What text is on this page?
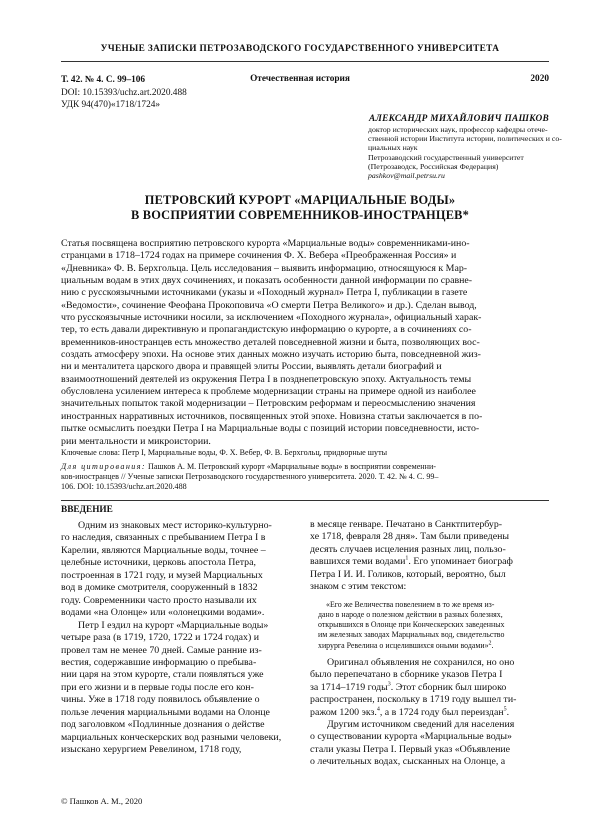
УЧЕНЫЕ ЗАПИСКИ ПЕТРОЗАВОДСКОГО ГОСУДАРСТВЕННОГО УНИВЕРСИТЕТА
Т. 42. № 4. С. 99–106	Отечественная история	2020
DOI: 10.15393/uchz.art.2020.488
УДК 94(470)«1718/1724»
АЛЕКСАНДР МИХАЙЛОВИЧ ПАШКОВ
доктор исторических наук, профессор кафедры отече-
ственной истории Института истории, политических и со-
циальных наук
Петрозаводский государственный университет
(Петрозаводск, Российская Федерация)
pashkov@mail.petrsu.ru
ПЕТРОВСКИЙ КУРОРТ «МАРЦИАЛЬНЫЕ ВОДЫ»
В ВОСПРИЯТИИ СОВРЕМЕННИКОВ-ИНОСТРАНЦЕВ*
Статья посвящена восприятию петровского курорта «Марциальные воды» современниками-ино-
странцами в 1718–1724 годах на примере сочинения Ф. Х. Вебера «Преображенная Россия» и
«Дневника» Ф. В. Берхгольца. Цель исследования – выявить информацию, относящуюся к Мар-
циальным водам в этих двух сочинениях, и показать особенности данной информации по сравне-
нию с русскоязычными источниками (указы и «Походный журнал» Петра I, публикации в газете
«Ведомости», сочинение Феофана Прокоповича «О смерти Петра Великого» и др.). Сделан вывод,
что русскоязычные источники носили, за исключением «Походного журнала», официальный харак-
тер, то есть давали директивную и пропагандистскую информацию о курорте, а в сочинениях со-
временников-иностранцев есть множество деталей повседневной жизни и быта, позволяющих вос-
создать атмосферу эпохи. На основе этих данных можно изучать историю быта, повседневной жиз-
ни и менталитета царского двора и правящей элиты России, выявлять детали биографий и
взаимоотношений деятелей из окружения Петра I в позднепетровскую эпоху. Актуальность темы
обусловлена усилением интереса к проблеме модернизации страны на примере одной из наиболее
значительных попыток такой модернизации – Петровским реформам и переосмыслению значения
иностранных нарративных источников, посвященных этой эпохе. Новизна статьи заключается в по-
пытке осмыслить поездки Петра I на Марциальные воды с позиций истории повседневности, исто-
рии ментальности и микроистории.
Ключевые слова: Петр I, Марциальные воды, Ф. Х. Вебер, Ф. В. Берхгольц, придворные шуты
Для цитирования: Пашков А. М. Петровский курорт «Марциальные воды» в восприятии современни-
ков-иностранцев // Ученые записки Петрозаводского государственного университета. 2020. Т. 42. № 4. С. 99–
106. DOI: 10.15393/uchz.art.2020.488
ВВЕДЕНИЕ
Одним из знаковых мест историко-культурно-
го наследия, связанных с пребыванием Петра I в
Карелии, являются Марциальные воды, точнее –
целебные источники, церковь апостола Петра,
построенная в 1721 году, и музей Марциальных
вод в домике смотрителя, сооруженный в 1832
году. Современники часто просто называли их
водами «на Олонце» или «олонецкими водами».
Петр I ездил на курорт «Марциальные воды»
четыре раза (в 1719, 1720, 1722 и 1724 годах) и
провел там не менее 70 дней. Самые ранние из-
вестия, содержавшие информацию о пребыва-
нии царя на этом курорте, стали появляться уже
при его жизни и в первые годы после его кон-
чины. Уже в 1718 году появилось объявление о
пользе лечения марциальными водами на Олонце
под заголовком «Подлинные дознания о действе
марциальных конческерских вод разными человеки, изыскано херургием Ревелином, 1718 году,
в месяце генваре. Печатано в Санктпитербур-
хе 1718, февраля 28 дня». Там были приведены
десять случаев исцеления разных лиц, пользо-
вавшихся теми водами$^1$. Его упоминает биограф
Петра I И. И. Голиков, который, вероятно, был
знаком с этим текстом:
«Его же Величества повелением в то же время из-
дано в народе о полезном действии в разных болезнях,
открывшихся в Олонце при Конческерских заведенных
им железных заводах Марциальных вод, свидетельство
хирурга Ревелина о исцелившихся оными водами»$^2$.
Оригинал объявления не сохранился, но оно
было перепечатано в сборнике указов Петра I
за 1714–1719 годы$^3$. Этот сборник был широко
распространен, поскольку в 1719 году вышел ти-
ражом 1200 экз.$^4$, а в 1724 году был переиздан$^5$.
Другим источником сведений для населения
о существовании курорта «Марциальные воды»
стали указы Петра I. Первый указ «Объявление
о лечительных водах, сысканных на Олонце, а
© Пашков А. М., 2020
